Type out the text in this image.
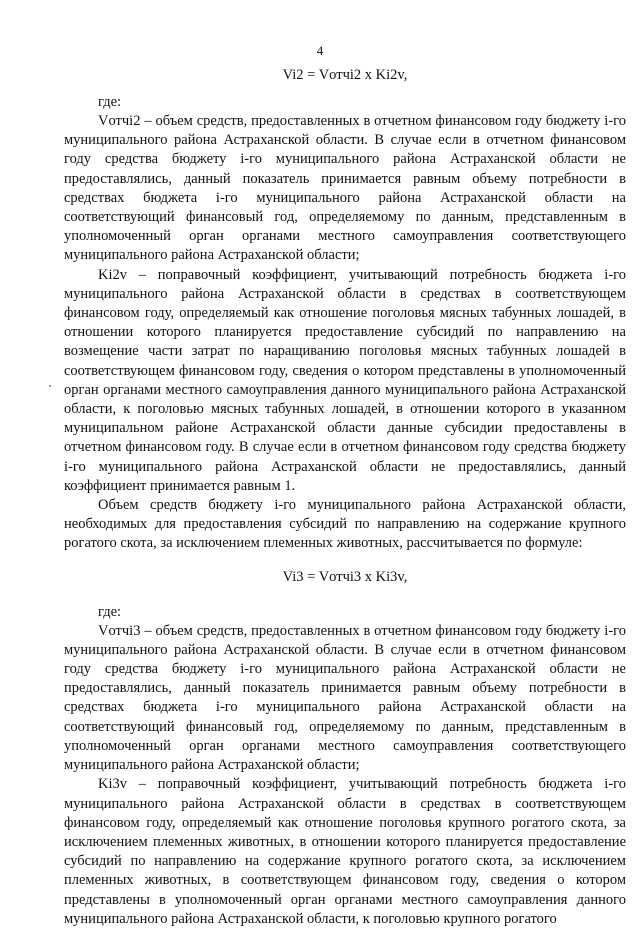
4
Vi2 = Vотчi2 x Ki2v,
где:

Vотчi2 – объем средств, предоставленных в отчетном финансовом году бюджету i-го муниципального района Астраханской области. В случае если в отчетном финансовом году средства бюджету i-го муниципального района Астраханской области не предоставлялись, данный показатель принимается равным объему потребности в средствах бюджета i-го муниципального района Астраханской области на соответствующий финансовый год, определяемому по данным, представленным в уполномоченный орган органами местного самоуправления соответствующего муниципального района Астраханской области;

Ki2v – поправочный коэффициент, учитывающий потребность бюджета i-го муниципального района Астраханской области в средствах в соответствующем финансовом году, определяемый как отношение поголовья мясных табунных лошадей, в отношении которого планируется предоставление субсидий по направлению на возмещение части затрат по наращиванию поголовья мясных табунных лошадей в соответствующем финансовом году, сведения о котором представлены в уполномоченный орган органами местного самоуправления данного муниципального района Астраханской области, к поголовью мясных табунных лошадей, в отношении которого в указанном муниципальном районе Астраханской области данные субсидии предоставлены в отчетном финансовом году. В случае если в отчетном финансовом году средства бюджету i-го муниципального района Астраханской области не предоставлялись, данный коэффициент принимается равным 1.

Объем средств бюджету i-го муниципального района Астраханской области, необходимых для предоставления субсидий по направлению на содержание крупного рогатого скота, за исключением племенных животных, рассчитывается по формуле:

Vi3 = Vотчi3 x Ki3v,
где:

Vотчi3 – объем средств, предоставленных в отчетном финансовом году бюджету i-го муниципального района Астраханской области. В случае если в отчетном финансовом году средства бюджету i-го муниципального района Астраханской области не предоставлялись, данный показатель принимается равным объему потребности в средствах бюджета i-го муниципального района Астраханской области на соответствующий финансовый год, определяемому по данным, представленным в уполномоченный орган органами местного самоуправления соответствующего муниципального района Астраханской области;

Ki3v – поправочный коэффициент, учитывающий потребность бюджета i-го муниципального района Астраханской области в средствах в соответствующем финансовом году, определяемый как отношение поголовья крупного рогатого скота, за исключением племенных животных, в отношении которого планируется предоставление субсидий по направлению на содержание крупного рогатого скота, за исключением племенных животных, в соответствующем финансовом году, сведения о котором представлены в уполномоченный орган органами местного самоуправления данного муниципального района Астраханской области, к поголовью крупного рогатого
